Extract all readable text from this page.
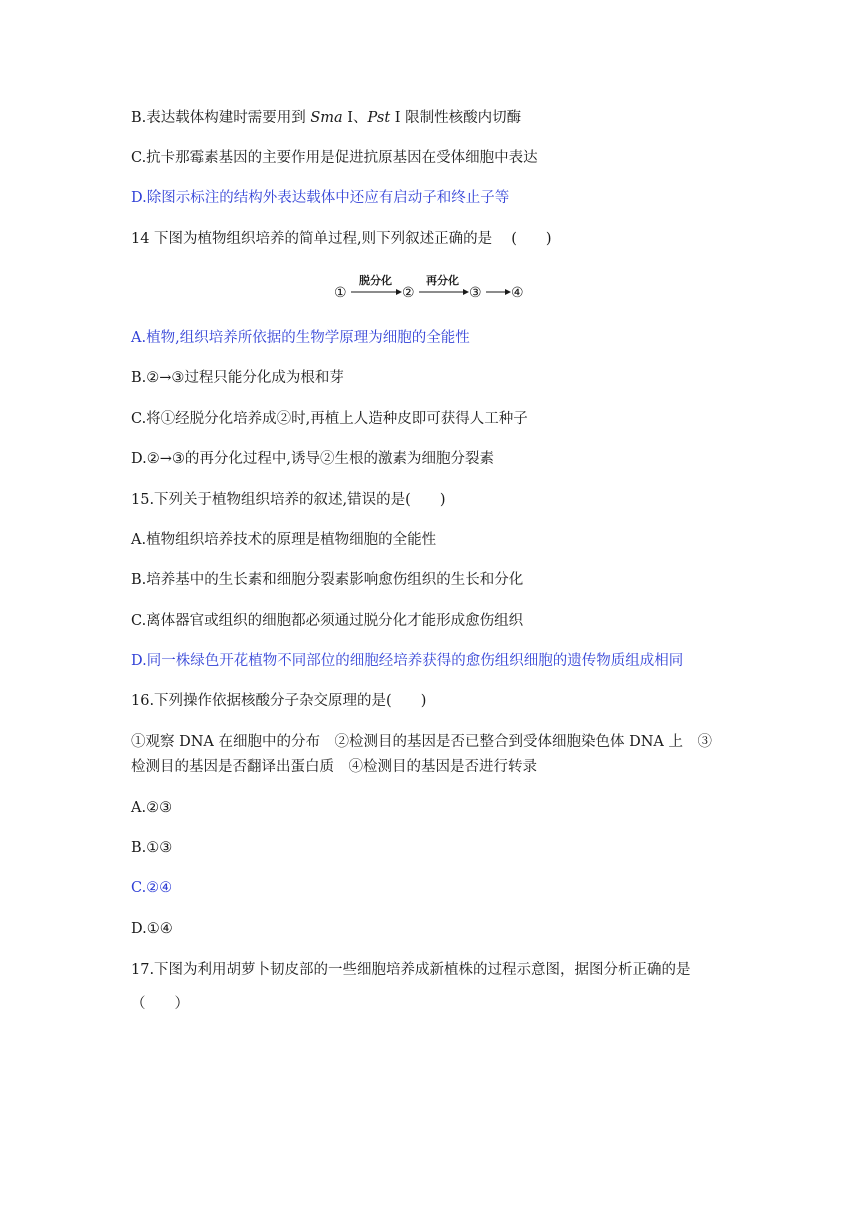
B.表达载体构建时需要用到 Sma Ⅰ、Pst Ⅰ 限制性核酸内切酶
C.抗卡那霉素基因的主要作用是促进抗原基因在受体细胞中表达
D.除图示标注的结构外表达载体中还应有启动子和终止子等
14 下图为植物组织培养的简单过程,则下列叙述正确的是 　(　　)
①
脱分化
②
再分化
③ ④
A.植物,组织培养所依据的生物学原理为细胞的全能性
B.②→③过程只能分化成为根和芽
C.将①经脱分化培养成②时,再植上人造种皮即可获得人工种子
D.②→③的再分化过程中,诱导②生根的激素为细胞分裂素
15.下列关于植物组织培养的叙述,错误的是(　　)
A.植物组织培养技术的原理是植物细胞的全能性
B.培养基中的生长素和细胞分裂素影响愈伤组织的生长和分化
C.离体器官或组织的细胞都必须通过脱分化才能形成愈伤组织
D.同一株绿色开花植物不同部位的细胞经培养获得的愈伤组织细胞的遗传物质组成相同
16.下列操作依据核酸分子杂交原理的是(　　)
①观察 DNA 在细胞中的分布　②检测目的基因是否已整合到受体细胞染色体 DNA 上　③
检测目的基因是否翻译出蛋白质　④检测目的基因是否进行转录
A.②③
B.①③
C.②④
D.①④
17.下图为利用胡萝卜韧皮部的一些细胞培养成新植株的过程示意图，据图分析正确的是
（　　）
